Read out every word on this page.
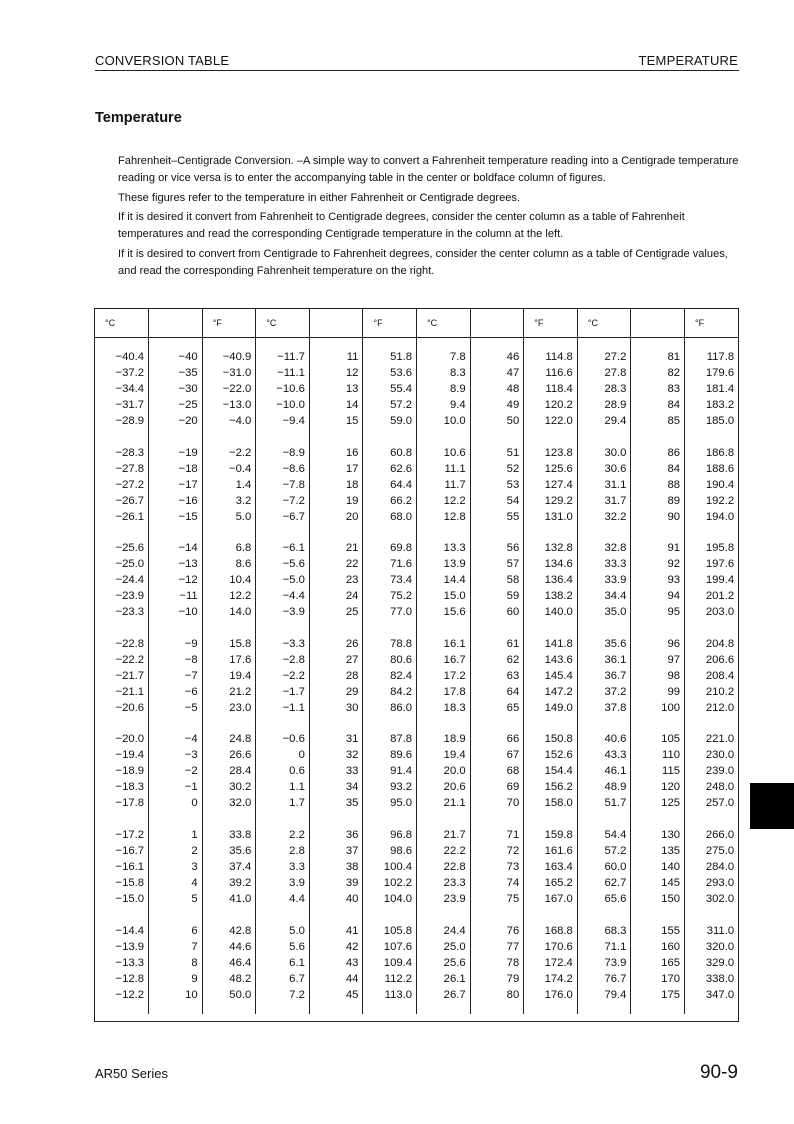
CONVERSION TABLE	TEMPERATURE
Temperature

Fahrenheit–Centigrade Conversion. –A simple way to convert a Fahrenheit temperature reading into a Centigrade temperature reading or vice versa is to enter the accompanying table in the center or boldface column of figures.

These figures refer to the temperature in either Fahrenheit or Centigrade degrees.

If it is desired it convert from Fahrenheit to Centigrade degrees, consider the center column as a table of Fahrenheit temperatures and read the corresponding Centigrade temperature in the column at the left.

If it is desired to convert from Centigrade to Fahrenheit degrees, consider the center column as a table of Centigrade values, and read the corresponding Fahrenheit temperature on the right.

°C		°F	°C		°F	°C		°F	°C		°F

−40.4	−40	−40.9	−11.7	11	51.8	7.8	46	114.8	27.2	81	117.8
−37.2	−35	−31.0	−11.1	12	53.6	8.3	47	116.6	27.8	82	179.6
−34.4	−30	−22.0	−10.6	13	55.4	8.9	48	118.4	28.3	83	181.4
−31.7	−25	−13.0	−10.0	14	57.2	9.4	49	120.2	28.9	84	183.2
−28.9	−20	−4.0	−9.4	15	59.0	10.0	50	122.0	29.4	85	185.0

−28.3	−19	−2.2	−8.9	16	60.8	10.6	51	123.8	30.0	86	186.8
−27.8	−18	−0.4	−8.6	17	62.6	11.1	52	125.6	30.6	84	188.6
−27.2	−17	1.4	−7.8	18	64.4	11.7	53	127.4	31.1	88	190.4
−26.7	−16	3.2	−7.2	19	66.2	12.2	54	129.2	31.7	89	192.2
−26.1	−15	5.0	−6.7	20	68.0	12.8	55	131.0	32.2	90	194.0

−25.6	−14	6.8	−6.1	21	69.8	13.3	56	132.8	32.8	91	195.8
−25.0	−13	8.6	−5.6	22	71.6	13.9	57	134.6	33.3	92	197.6
−24.4	−12	10.4	−5.0	23	73.4	14.4	58	136.4	33.9	93	199.4
−23.9	−11	12.2	−4.4	24	75.2	15.0	59	138.2	34.4	94	201.2
−23.3	−10	14.0	−3.9	25	77.0	15.6	60	140.0	35.0	95	203.0

−22.8	−9	15.8	−3.3	26	78.8	16.1	61	141.8	35.6	96	204.8
−22.2	−8	17.6	−2.8	27	80.6	16.7	62	143.6	36.1	97	206.6
−21.7	−7	19.4	−2.2	28	82.4	17.2	63	145.4	36.7	98	208.4
−21.1	−6	21.2	−1.7	29	84.2	17.8	64	147.2	37.2	99	210.2
−20.6	−5	23.0	−1.1	30	86.0	18.3	65	149.0	37.8	100	212.0

−20.0	−4	24.8	−0.6	31	87.8	18.9	66	150.8	40.6	105	221.0
−19.4	−3	26.6	0	32	89.6	19.4	67	152.6	43.3	110	230.0
−18.9	−2	28.4	0.6	33	91.4	20.0	68	154.4	46.1	115	239.0
−18.3	−1	30.2	1.1	34	93.2	20.6	69	156.2	48.9	120	248.0
−17.8	0	32.0	1.7	35	95.0	21.1	70	158.0	51.7	125	257.0

−17.2	1	33.8	2.2	36	96.8	21.7	71	159.8	54.4	130	266.0
−16.7	2	35.6	2.8	37	98.6	22.2	72	161.6	57.2	135	275.0
−16.1	3	37.4	3.3	38	100.4	22.8	73	163.4	60.0	140	284.0
−15.8	4	39.2	3.9	39	102.2	23.3	74	165.2	62.7	145	293.0
−15.0	5	41.0	4.4	40	104.0	23.9	75	167.0	65.6	150	302.0

−14.4	6	42.8	5.0	41	105.8	24.4	76	168.8	68.3	155	311.0
−13.9	7	44.6	5.6	42	107.6	25.0	77	170.6	71.1	160	320.0
−13.3	8	46.4	6.1	43	109.4	25.6	78	172.4	73.9	165	329.0
−12.8	9	48.2	6.7	44	112.2	26.1	79	174.2	76.7	170	338.0
−12.2	10	50.0	7.2	45	113.0	26.7	80	176.0	79.4	175	347.0

AR50 Series	90-9
